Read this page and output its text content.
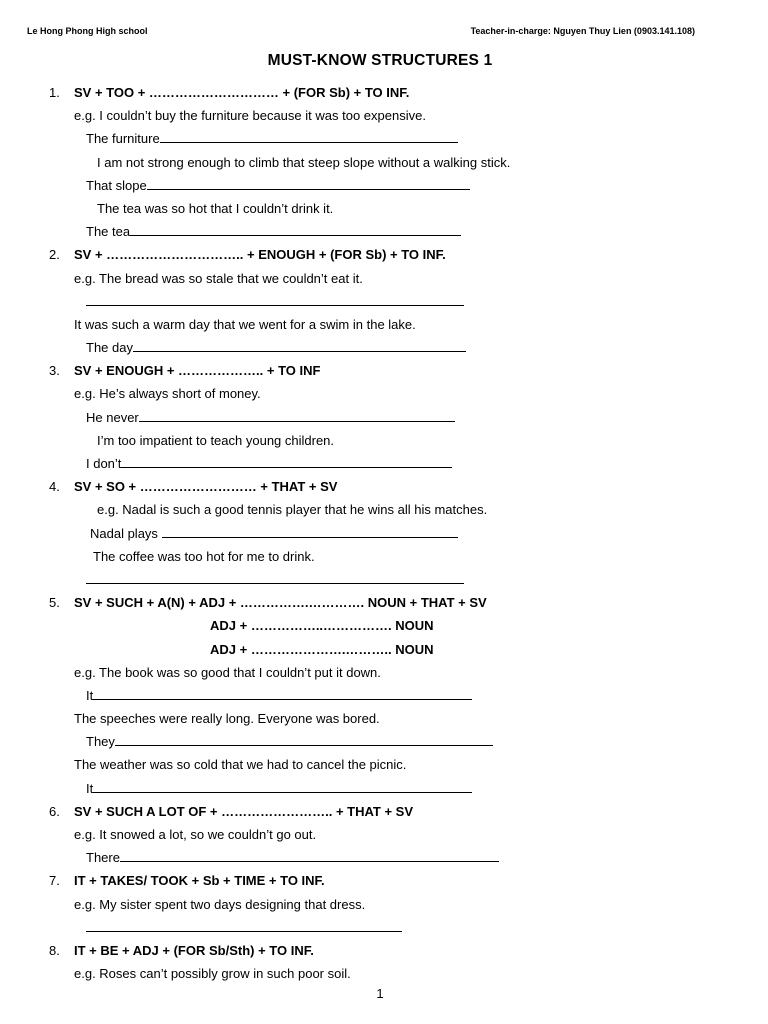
Le Hong Phong High school	Teacher-in-charge: Nguyen Thuy Lien (0903.141.108)
MUST-KNOW STRUCTURES 1
1. SV + TOO + ………………………… + (FOR Sb) + TO INF.
e.g. I couldn’t buy the furniture because it was too expensive.
The furniture
I am not strong enough to climb that steep slope without a walking stick.
That slope
The tea was so hot that I couldn’t drink it.
The tea
2. SV + ………………………….. + ENOUGH + (FOR Sb) + TO INF.
e.g. The bread was so stale that we couldn’t eat it.
It was such a warm day that we went for a swim in the lake.
The day
3. SV + ENOUGH + ……………….. + TO INF
e.g. He’s always short of money.
He never
I’m too impatient to teach young children.
I don’t
4. SV + SO + ……………………… + THAT + SV
e.g. Nadal is such a good tennis player that he wins all his matches.
Nadal plays
The coffee was too hot for me to drink.
5. SV + SUCH + A(N) + ADJ + …………….…………. NOUN + THAT + SV
ADJ + ……………..……………. NOUN
ADJ + ………………….……….. NOUN
e.g. The book was so good that I couldn’t put it down.
It
The speeches were really long. Everyone was bored.
They
The weather was so cold that we had to cancel the picnic.
It
6. SV + SUCH A LOT OF + …………………….. + THAT + SV
e.g. It snowed a lot, so we couldn’t go out.
There
7. IT + TAKES/ TOOK + Sb + TIME + TO INF.
e.g. My sister spent two days designing that dress.
8. IT + BE + ADJ + (FOR Sb/Sth) + TO INF.
e.g. Roses can’t possibly grow in such poor soil.
1
